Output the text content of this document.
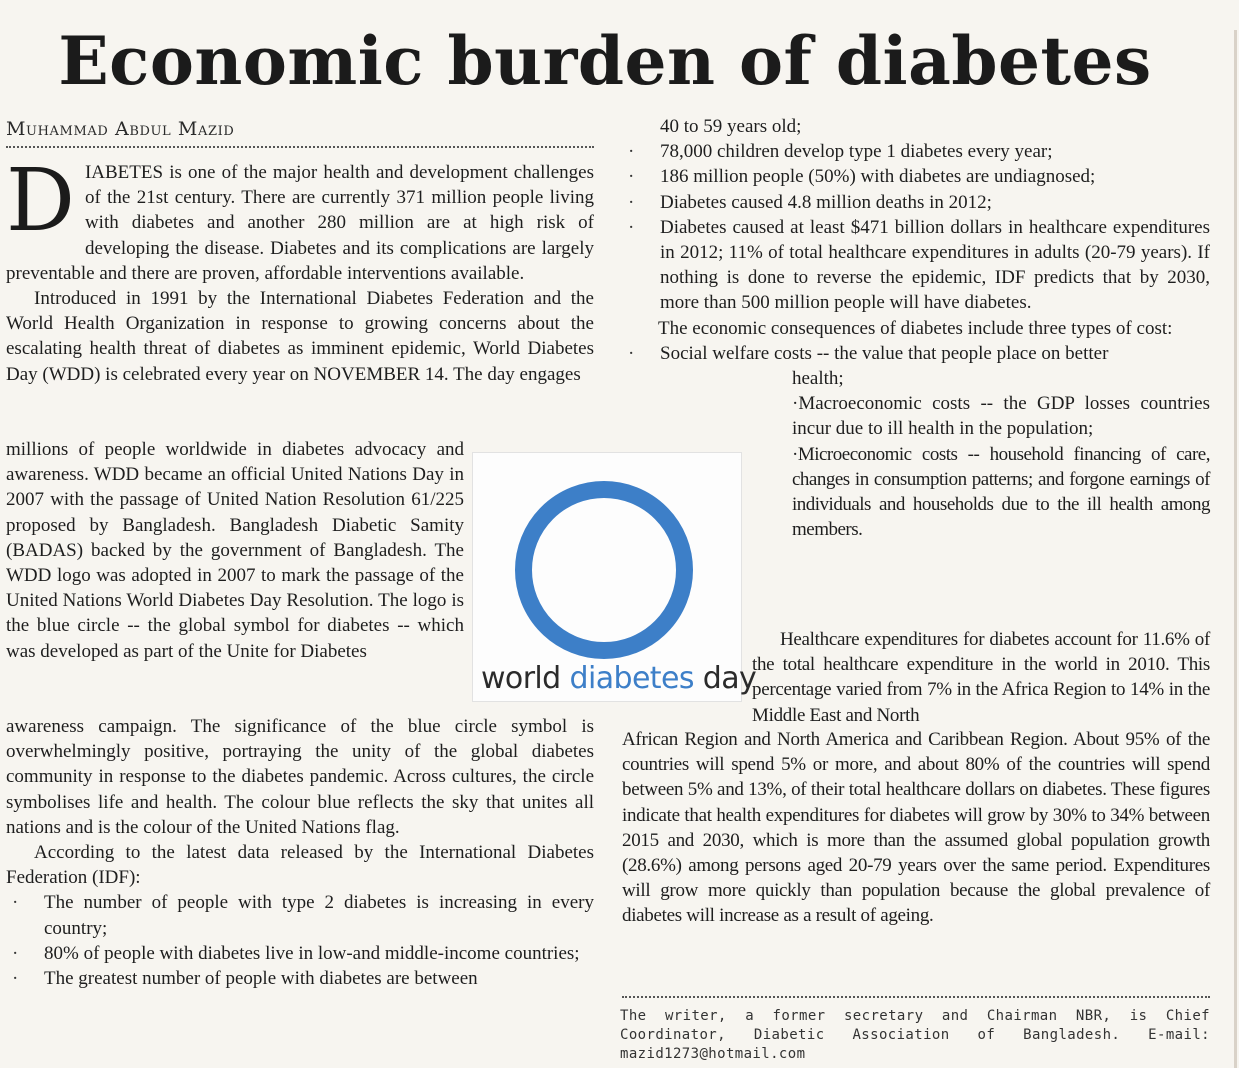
Economic burden of diabetes
Muhammad Abdul Mazid
D IABETES is one of the major health and development challenges of the 21st century. There are currently 371 million people living with diabetes and another 280 million are at high risk of developing the disease. Diabetes and its complications are largely preventable and there are proven, affordable interventions available.

Introduced in 1991 by the International Diabetes Federation and the World Health Organization in response to growing concerns about the escalating health threat of diabetes as imminent epidemic, World Diabetes Day (WDD) is celebrated every year on NOVEMBER 14. The day engages

millions of people worldwide in diabetes advocacy and awareness. WDD became an official United Nations Day in 2007 with the passage of United Nation Resolution 61/225 proposed by Bangladesh. Bangladesh Diabetic Samity (BADAS) backed by the government of Bangladesh. The WDD logo was adopted in 2007 to mark the passage of the United Nations World Diabetes Day Resolution. The logo is the blue circle -- the global symbol for diabetes -- which was developed as part of the Unite for Diabetes

world diabetes day

awareness campaign. The significance of the blue circle symbol is overwhelmingly positive, portraying the unity of the global diabetes community in response to the diabetes pandemic. Across cultures, the circle symbolises life and health. The colour blue reflects the sky that unites all nations and is the colour of the United Nations flag.

According to the latest data released by the International Diabetes Federation (IDF):

· The number of people with type 2 diabetes is increasing in every country;

· 80% of people with diabetes live in low-and middle-income countries;

· The greatest number of people with diabetes are between

40 to 59 years old;

· 78,000 children develop type 1 diabetes every year;

· 186 million people (50%) with diabetes are undiagnosed;

· Diabetes caused 4.8 million deaths in 2012;

· Diabetes caused at least $471 billion dollars in healthcare expenditures in 2012; 11% of total healthcare expenditures in adults (20-79 years). If nothing is done to reverse the epidemic, IDF predicts that by 2030, more than 500 million people will have diabetes.

The economic consequences of diabetes include three types of cost:

· Social welfare costs -- the value that people place on better

health;

·Macroeconomic costs -- the GDP losses countries incur due to ill health in the population;

·Microeconomic costs -- household financing of care, changes in consumption patterns; and forgone earnings of individuals and households due to the ill health among members.

Healthcare expenditures for diabetes account for 11.6% of the total healthcare expenditure in the world in 2010. This percentage varied from 7% in the Africa Region to 14% in the Middle East and North

African Region and North America and Caribbean Region. About 95% of the countries will spend 5% or more, and about 80% of the countries will spend between 5% and 13%, of their total healthcare dollars on diabetes. These figures indicate that health expenditures for diabetes will grow by 30% to 34% between 2015 and 2030, which is more than the assumed global population growth (28.6%) among persons aged 20-79 years over the same period. Expenditures will grow more quickly than population because the global prevalence of diabetes will increase as a result of ageing.

The writer, a former secretary and Chairman NBR, is Chief Coordinator, Diabetic Association of Bangladesh. E-mail: mazid1273@hotmail.com
